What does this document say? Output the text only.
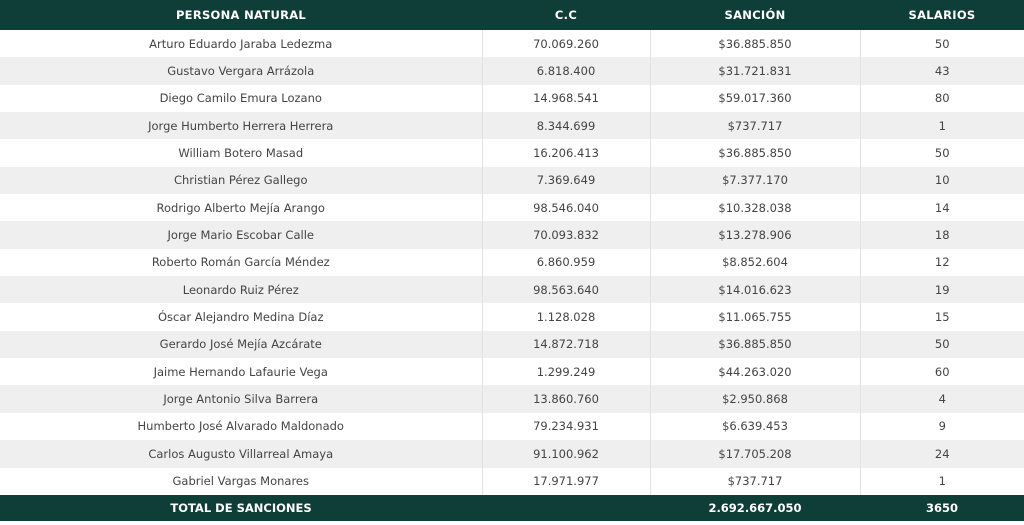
PERSONA NATURAL	C.C	SANCIÓN	SALARIOS
Arturo Eduardo Jaraba Ledezma	70.069.260	$36.885.850	50
Gustavo Vergara Arrázola	6.818.400	$31.721.831	43
Diego Camilo Emura Lozano	14.968.541	$59.017.360	80
Jorge Humberto Herrera Herrera	8.344.699	$737.717	1
William Botero Masad	16.206.413	$36.885.850	50
Christian Pérez Gallego	7.369.649	$7.377.170	10
Rodrigo Alberto Mejía Arango	98.546.040	$10.328.038	14
Jorge Mario Escobar Calle	70.093.832	$13.278.906	18
Roberto Román García Méndez	6.860.959	$8.852.604	12
Leonardo Ruiz Pérez	98.563.640	$14.016.623	19
Óscar Alejandro Medina Díaz	1.128.028	$11.065.755	15
Gerardo José Mejía Azcárate	14.872.718	$36.885.850	50
Jaime Hernando Lafaurie Vega	1.299.249	$44.263.020	60
Jorge Antonio Silva Barrera	13.860.760	$2.950.868	4
Humberto José Alvarado Maldonado	79.234.931	$6.639.453	9
Carlos Augusto Villarreal Amaya	91.100.962	$17.705.208	24
Gabriel Vargas Monares	17.971.977	$737.717	1
TOTAL DE SANCIONES		2.692.667.050	3650
